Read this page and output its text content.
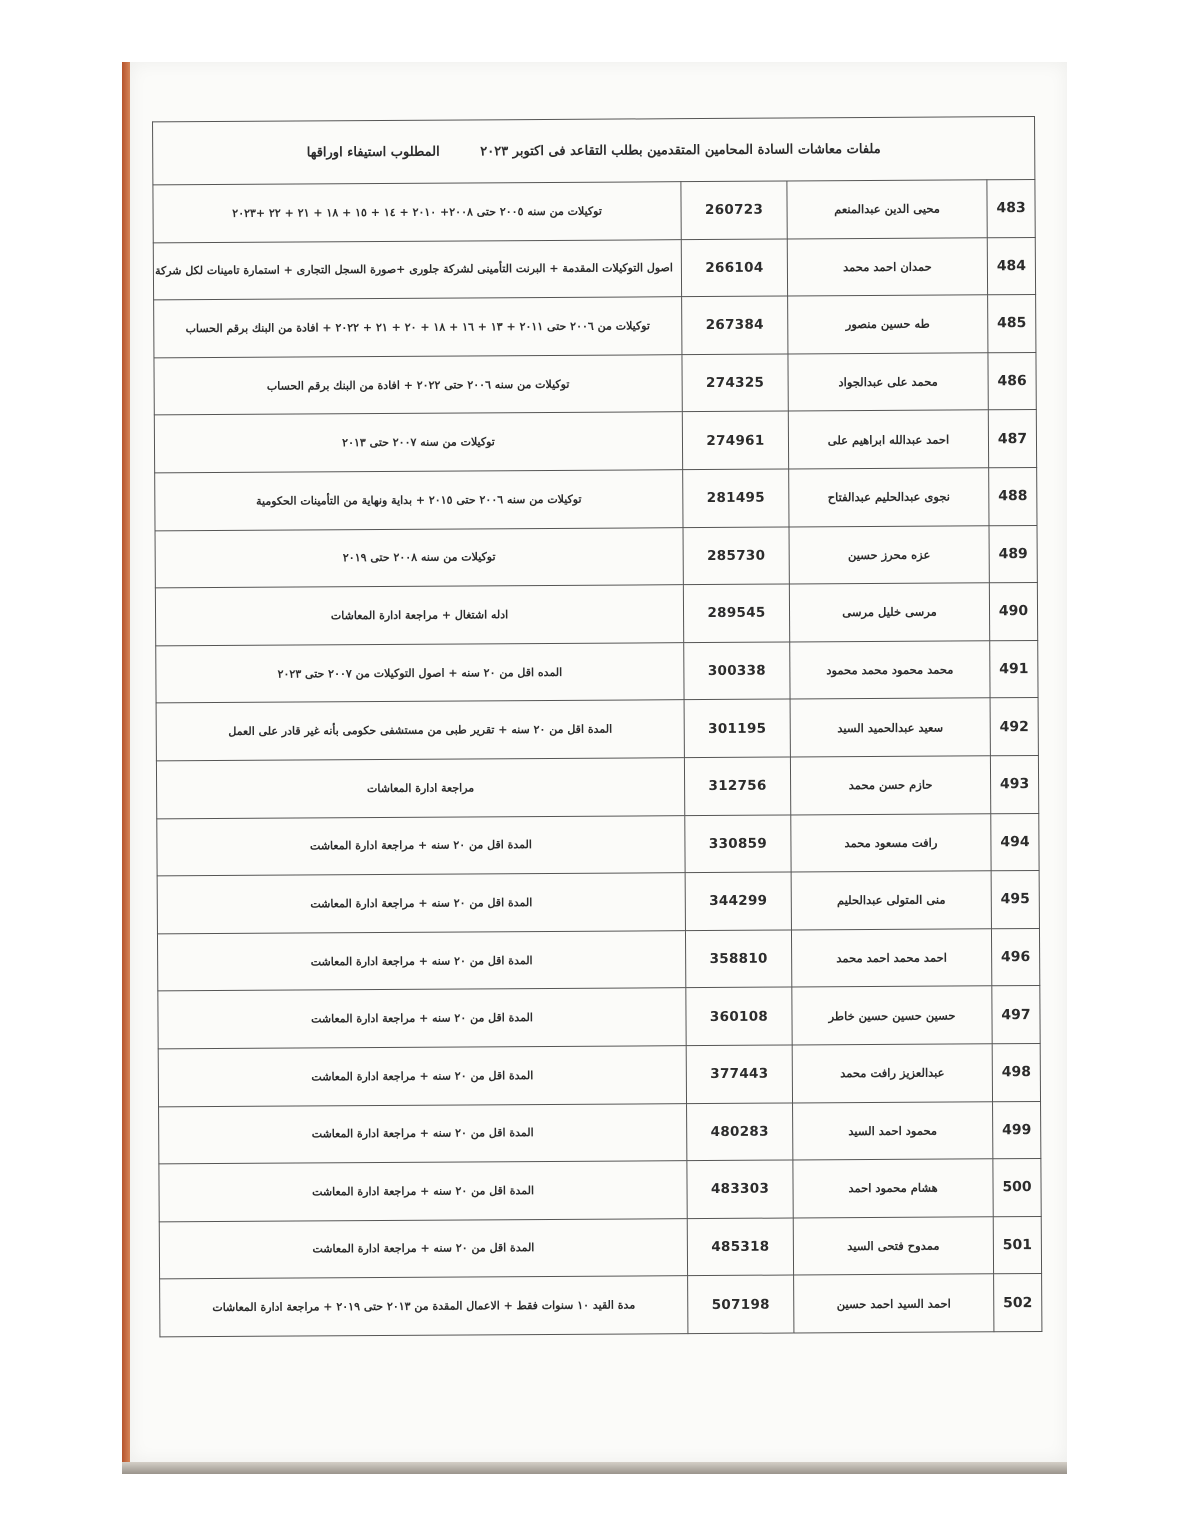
ملفات معاشات السادة المحامين المتقدمين بطلب التقاعد فى اكتوبر ٢٠٢٣ المطلوب استيفاء اوراقها			
483	محيى الدين عبدالمنعم	260723	توكيلات من سنه ٢٠٠٥ حتى ٢٠٠٨+ ٢٠١٠ + ١٤ + ١٥ + ١٨ + ٢١ + ٢٢ +٢٠٢٣
484	حمدان احمد محمد	266104	اصول التوكيلات المقدمة + البرنت التأمينى لشركة جلورى +صورة السجل التجارى + استمارة تامينات لكل شركة
485	طه حسين منصور	267384	توكيلات من ٢٠٠٦ حتى ٢٠١١ + ١٣ + ١٦ + ١٨ + ٢٠ + ٢١ + ٢٠٢٢ + افادة من البنك برقم الحساب
486	محمد على عبدالجواد	274325	توكيلات من سنه ٢٠٠٦ حتى ٢٠٢٢ + افادة من البنك برقم الحساب
487	احمد عبدالله ابراهيم على	274961	توكيلات من سنه ٢٠٠٧ حتى ٢٠١٣
488	نجوى عبدالحليم عبدالفتاح	281495	توكيلات من سنه ٢٠٠٦ حتى ٢٠١٥ + بداية ونهاية من التأمينات الحكومية
489	عزه محرز حسين	285730	توكيلات من سنه ٢٠٠٨ حتى ٢٠١٩
490	مرسى خليل مرسى	289545	ادله اشتغال + مراجعة ادارة المعاشات
491	محمد محمود محمد محمود	300338	المده اقل من ٢٠ سنه + اصول التوكيلات من ٢٠٠٧ حتى ٢٠٢٣
492	سعيد عبدالحميد السيد	301195	المدة اقل من ٢٠ سنه + تقرير طبى من مستشفى حكومى بأنه غير قادر على العمل
493	حازم حسن محمد	312756	مراجعة ادارة المعاشات
494	رافت مسعود محمد	330859	المدة اقل من ٢٠ سنه + مراجعة ادارة المعاشت
495	منى المتولى عبدالحليم	344299	المدة اقل من ٢٠ سنه + مراجعة ادارة المعاشت
496	احمد محمد احمد محمد	358810	المدة اقل من ٢٠ سنه + مراجعة ادارة المعاشت
497	حسين حسين حسين خاطر	360108	المدة اقل من ٢٠ سنه + مراجعة ادارة المعاشت
498	عبدالعزيز رافت محمد	377443	المدة اقل من ٢٠ سنه + مراجعة ادارة المعاشت
499	محمود احمد السيد	480283	المدة اقل من ٢٠ سنه + مراجعة ادارة المعاشت
500	هشام محمود احمد	483303	المدة اقل من ٢٠ سنه + مراجعة ادارة المعاشت
501	ممدوح فتحى السيد	485318	المدة اقل من ٢٠ سنه + مراجعة ادارة المعاشت
502	احمد السيد احمد حسين	507198	مدة القيد ١٠ سنوات فقط + الاعمال المقدة من ٢٠١٣ حتى ٢٠١٩ + مراجعة ادارة المعاشات
